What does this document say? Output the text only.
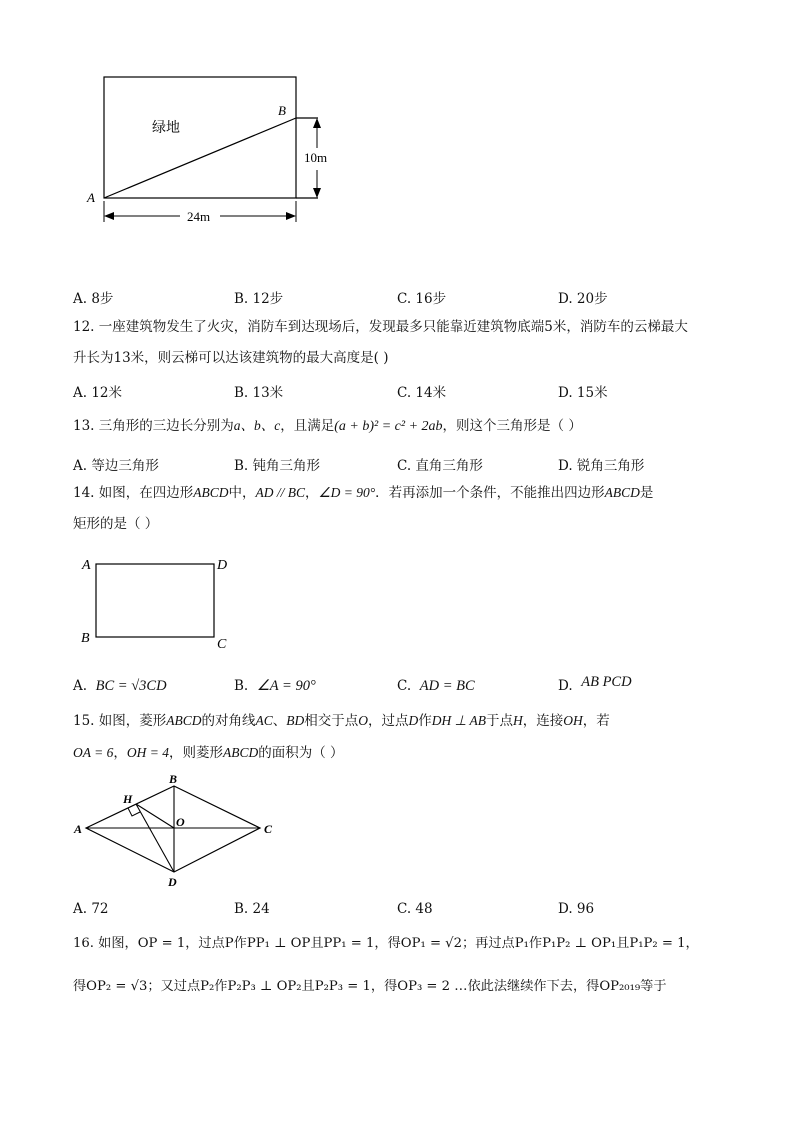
绿地
B
A
10m
24m
A. 8步	B. 12步	C. 16步	D. 20步
12. 一座建筑物发生了火灾，消防车到达现场后，发现最多只能靠近建筑物底端5米，消防车的云梯最大
升长为13米，则云梯可以达该建筑物的最大高度是( )
A. 12米	B. 13米	C. 14米	D. 15米
13. 三角形的三边长分别为a、b、c，且满足(a + b)² = c² + 2ab，则这个三角形是（ ）
A. 等边三角形	B. 钝角三角形	C. 直角三角形	D. 锐角三角形
14. 如图，在四边形ABCD中，AD // BC，∠D = 90°．若再添加一个条件，不能推出四边形ABCD是
矩形的是（ ）
A	D
B	C
A. BC = √3CD	B. ∠A = 90°	C. AD = BC	D. AB PCD
15. 如图，菱形ABCD的对角线AC、BD相交于点O，过点D作DH ⊥ AB于点H，连接OH，若
OA = 6，OH = 4，则菱形ABCD的面积为（ ）
A
B
C
D
H
O
A. 72	B. 24	C. 48	D. 96
16. 如图，OP = 1，过点P作PP₁ ⊥ OP且PP₁ = 1，得OP₁ = √2；再过点P₁作P₁P₂ ⊥ OP₁且P₁P₂ = 1，
得OP₂ = √3；又过点P₂作P₂P₃ ⊥ OP₂且P₂P₃ = 1，得OP₃ = 2 …依此法继续作下去，得OP₂₀₁₉等于
